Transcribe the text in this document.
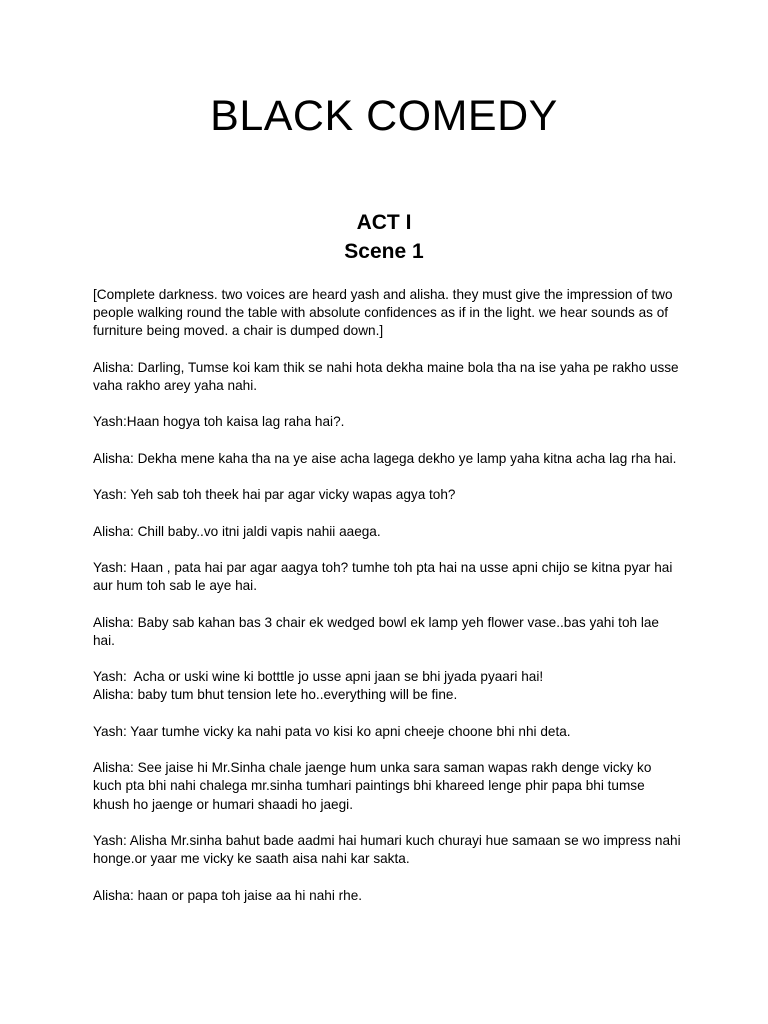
BLACK COMEDY
ACT I
Scene 1

[Complete darkness. two voices are heard yash and alisha. they must give the impression of two people walking round the table with absolute confidences as if in the light. we hear sounds as of furniture being moved. a chair is dumped down.]

Alisha: Darling, Tumse koi kam thik se nahi hota dekha maine bola tha na ise yaha pe rakho usse vaha rakho arey yaha nahi.

Yash:Haan hogya toh kaisa lag raha hai?.

Alisha: Dekha mene kaha tha na ye aise acha lagega dekho ye lamp yaha kitna acha lag rha hai.

Yash: Yeh sab toh theek hai par agar vicky wapas agya toh?

Alisha: Chill baby..vo itni jaldi vapis nahii aaega.

Yash: Haan , pata hai par agar aagya toh? tumhe toh pta hai na usse apni chijo se kitna pyar hai aur hum toh sab le aye hai.

Alisha: Baby sab kahan bas 3 chair ek wedged bowl ek lamp yeh flower vase..bas yahi toh lae hai.

Yash:  Acha or uski wine ki botttle jo usse apni jaan se bhi jyada pyaari hai!

Alisha: baby tum bhut tension lete ho..everything will be fine.

Yash: Yaar tumhe vicky ka nahi pata vo kisi ko apni cheeje choone bhi nhi deta.

Alisha: See jaise hi Mr.Sinha chale jaenge hum unka sara saman wapas rakh denge vicky ko kuch pta bhi nahi chalega mr.sinha tumhari paintings bhi khareed lenge phir papa bhi tumse khush ho jaenge or humari shaadi ho jaegi.

Yash: Alisha Mr.sinha bahut bade aadmi hai humari kuch churayi hue samaan se wo impress nahi honge.or yaar me vicky ke saath aisa nahi kar sakta.

Alisha: haan or papa toh jaise aa hi nahi rhe.
